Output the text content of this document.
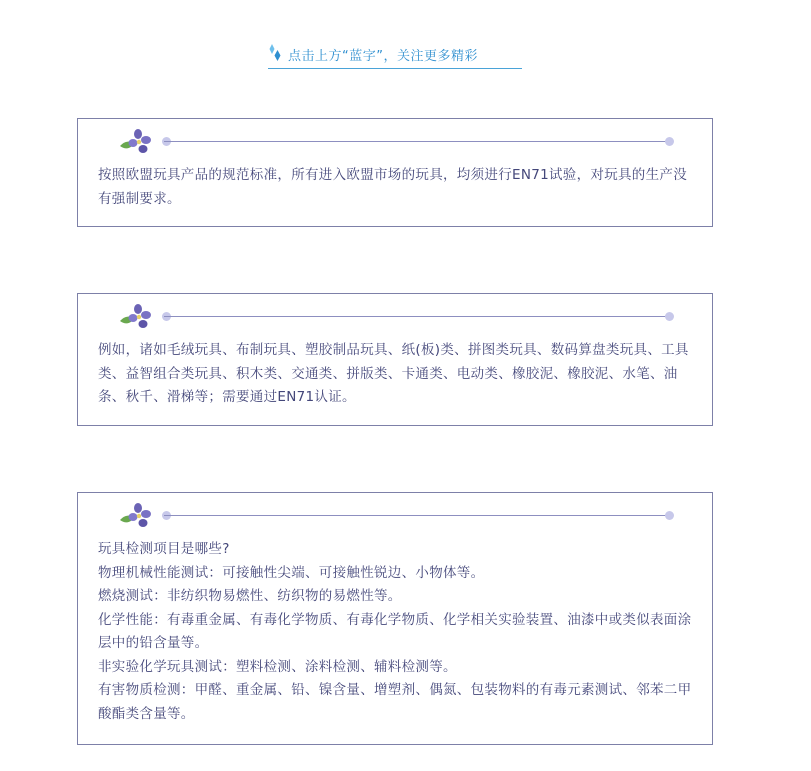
点击上方“蓝字”，关注更多精彩

按照欧盟玩具产品的规范标准，所有进入欧盟市场的玩具，均须进行EN71试验，对玩具的生产没有强制要求。

例如，诸如毛绒玩具、布制玩具、塑胶制品玩具、纸(板)类、拼图类玩具、数码算盘类玩具、工具类、益智组合类玩具、积木类、交通类、拼版类、卡通类、电动类、橡胶泥、橡胶泥、水笔、油条、秋千、滑梯等；需要通过EN71认证。

玩具检测项目是哪些?

物理机械性能测试：可接触性尖端、可接触性锐边、小物体等。

燃烧测试：非纺织物易燃性、纺织物的易燃性等。

化学性能：有毒重金属、有毒化学物质、有毒化学物质、化学相关实验装置、油漆中或类似表面涂层中的铅含量等。

非实验化学玩具测试：塑料检测、涂料检测、辅料检测等。

有害物质检测：甲醛、重金属、铅、镍含量、增塑剂、偶氮、包装物料的有毒元素测试、邻苯二甲酸酯类含量等。
